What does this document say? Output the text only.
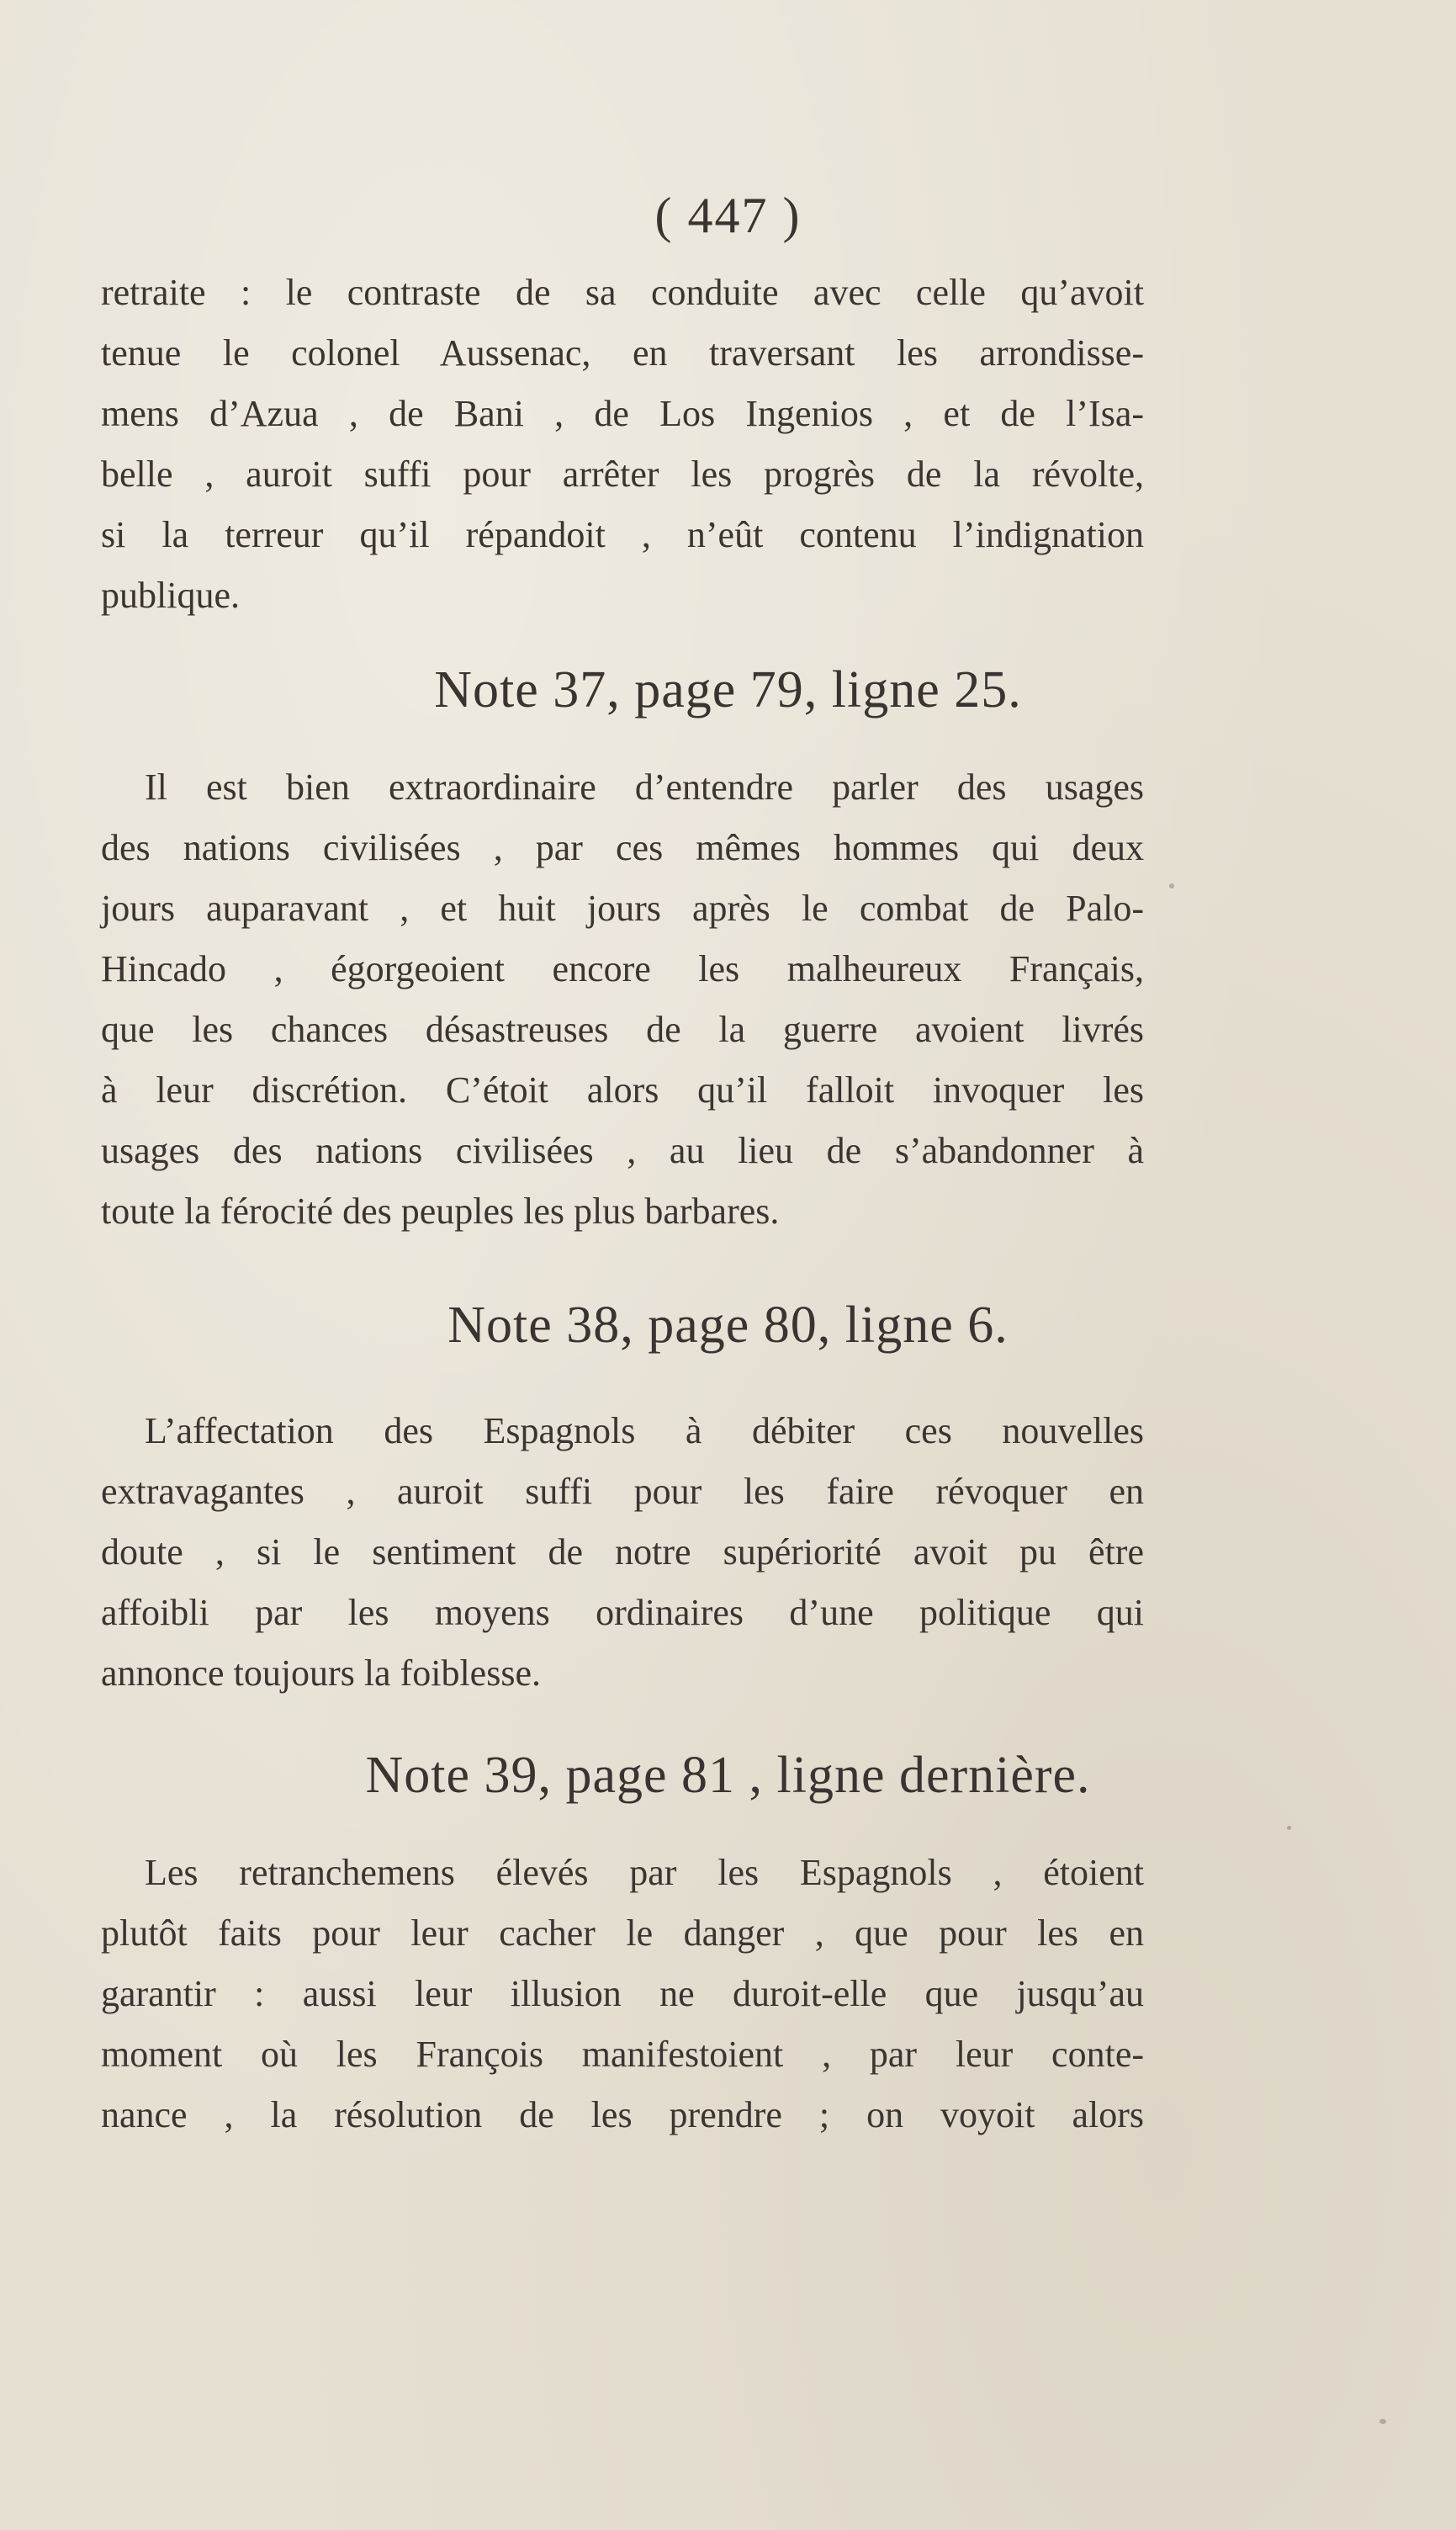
( 447 )
retraite : le contraste de sa conduite avec celle qu’avoit
tenue le colonel Aussenac, en traversant les arrondisse-
mens d’Azua , de Bani , de Los Ingenios , et de l’Isa-
belle , auroit suffi pour arrêter les progrès de la révolte,
si la terreur qu’il répandoit , n’eût contenu l’indignation
publique.
Note 37, page 79, ligne 25.
Il est bien extraordinaire d’entendre parler des usages
des nations civilisées , par ces mêmes hommes qui deux
jours auparavant , et huit jours après le combat de Palo-
Hincado , égorgeoient encore les malheureux Français,
que les chances désastreuses de la guerre avoient livrés
à leur discrétion. C’étoit alors qu’il falloit invoquer les
usages des nations civilisées , au lieu de s’abandonner à
toute la férocité des peuples les plus barbares.
Note 38, page 80, ligne 6.
L’affectation des Espagnols à débiter ces nouvelles
extravagantes , auroit suffi pour les faire révoquer en
doute , si le sentiment de notre supériorité avoit pu être
affoibli par les moyens ordinaires d’une politique qui
annonce toujours la foiblesse.
Note 39, page 81 , ligne dernière.
Les retranchemens élevés par les Espagnols , étoient
plutôt faits pour leur cacher le danger , que pour les en
garantir : aussi leur illusion ne duroit-elle que jusqu’au
moment où les François manifestoient , par leur conte-
nance , la résolution de les prendre ; on voyoit alors
